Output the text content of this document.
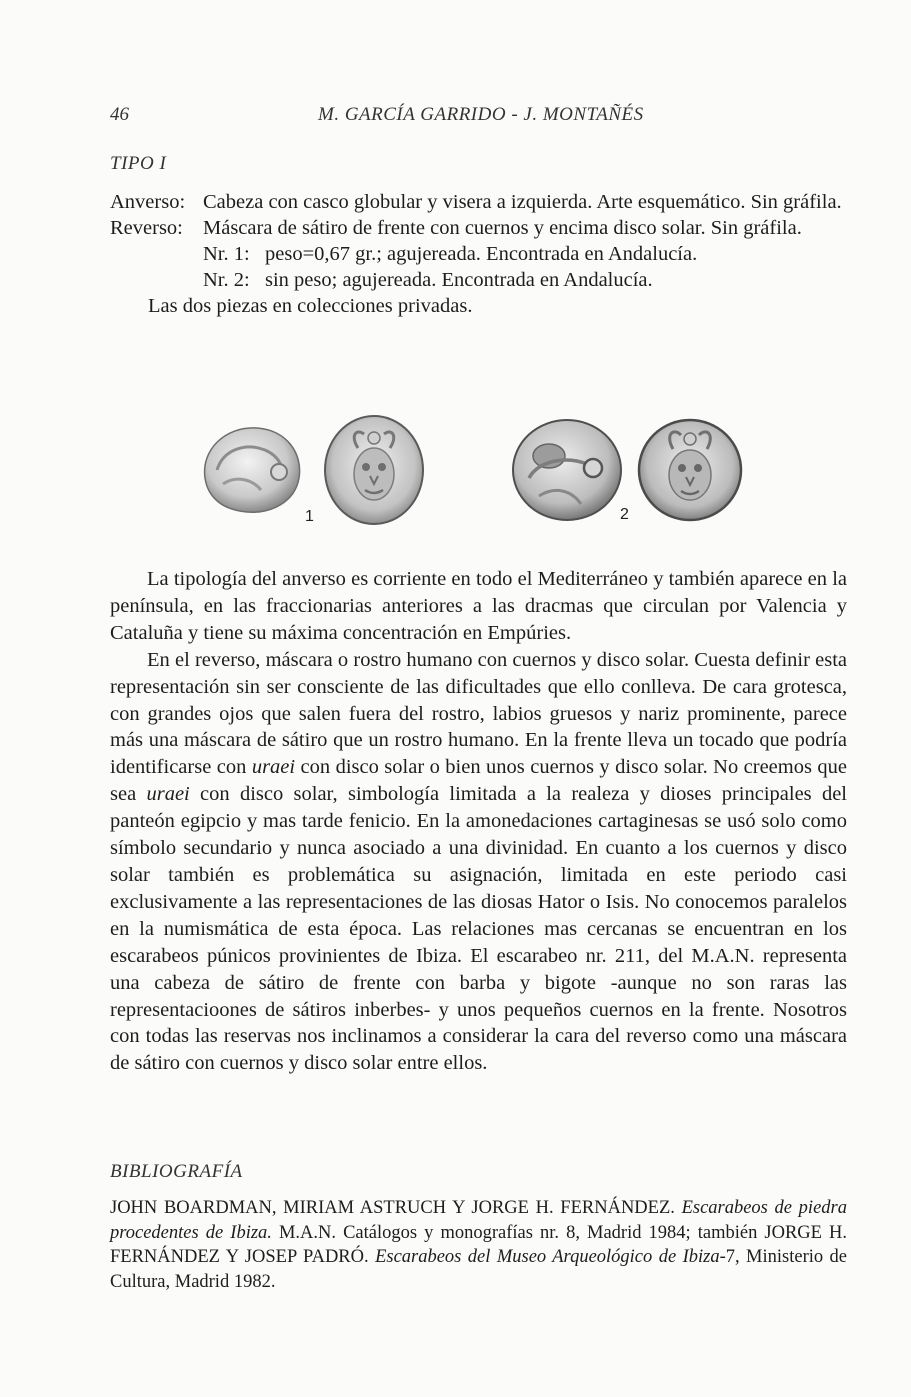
46	M. GARCÍA GARRIDO - J. MONTAÑÉS
TIPO I
Anverso: Cabeza con casco globular y visera a izquierda. Arte esquemático. Sin gráfila.
Reverso: Máscara de sátiro de frente con cuernos y encima disco solar. Sin gráfila.
Nr. 1: peso=0,67 gr.; agujereada. Encontrada en Andalucía.
Nr. 2: sin peso; agujereada. Encontrada en Andalucía.
Las dos piezas en colecciones privadas.
1	2

La tipología del anverso es corriente en todo el Mediterráneo y también aparece en la península, en las fraccionarias anteriores a las dracmas que circulan por Valencia y Cataluña y tiene su máxima concentración en Empúries.

En el reverso, máscara o rostro humano con cuernos y disco solar. Cuesta definir esta representación sin ser consciente de las dificultades que ello conlleva. De cara grotesca, con grandes ojos que salen fuera del rostro, labios gruesos y nariz prominente, parece más una máscara de sátiro que un rostro humano. En la frente lleva un tocado que podría identificarse con uraei con disco solar o bien unos cuernos y disco solar. No creemos que sea uraei con disco solar, simbología limitada a la realeza y dioses principales del panteón egipcio y mas tarde fenicio. En la amonedaciones cartaginesas se usó solo como símbolo secundario y nunca asociado a una divinidad. En cuanto a los cuernos y disco solar también es problemática su asignación, limitada en este periodo casi exclusivamente a las representaciones de las diosas Hator o Isis. No conocemos paralelos en la numismática de esta época. Las relaciones mas cercanas se encuentran en los escarabeos púnicos provinientes de Ibiza. El escarabeo nr. 211, del M.A.N. representa una cabeza de sátiro de frente con barba y bigote -aunque no son raras las representacioones de sátiros inberbes- y unos pequeños cuernos en la frente. Nosotros con todas las reservas nos inclinamos a considerar la cara del reverso como una máscara de sátiro con cuernos y disco solar entre ellos.

BIBLIOGRAFÍA

JOHN BOARDMAN, MIRIAM ASTRUCH Y JORGE H. FERNÁNDEZ. Escarabeos de piedra procedentes de Ibiza. M.A.N. Catálogos y monografías nr. 8, Madrid 1984; también JORGE H. FERNÁNDEZ Y JOSEP PADRÓ. Escarabeos del Museo Arqueológico de Ibiza-7, Ministerio de Cultura, Madrid 1982.
